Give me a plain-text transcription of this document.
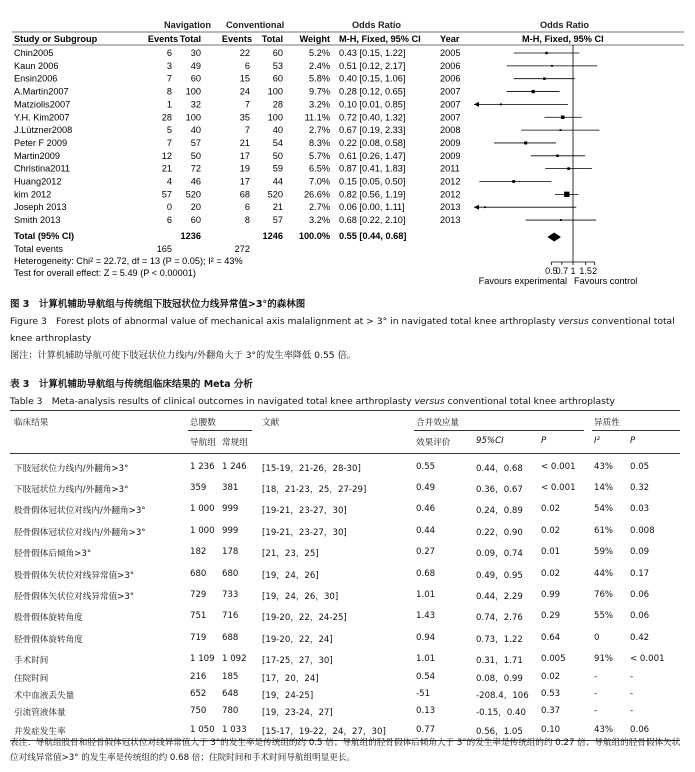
Navigation Conventional	Odds Ratio	Odds Ratio
Study or Subgroup	Events Total Events Total Weight M-H, Fixed, 95% CI Year	M-H, Fixed, 95% CI
Total (95% CI)	1236	1246 100.0% 0.55 [0.44, 0.68]
Total events	165	272
Heterogeneity: Chi² = 22.72, df = 13 (P = 0.05); I² = 43%
Test for overall effect: Z = 5.49 (P < 0.00001)
Favours experimental Favours control
Chin2005	6 30	22 60	5.2% 0.43 [0.15, 1.22]	2005
Kaun 2006	3 49	6 53	2.4% 0.51 [0.12, 2.17]	2006
Ensin2006	7 60	15 60	5.8% 0.40 [0.15, 1.06]	2006
A.Martin2007	8 100	24 100	9.7% 0.28 [0.12, 0.65]	2007
Matziolis2007	1 32	7 28	3.2% 0.10 [0.01, 0.85]	2007
Y.H. Kim2007	28 100	35 100 11.1% 0.72 [0.40, 1.32]	2007
J.Lützner2008	5 40	7 40	2.7% 0.67 [0.19, 2.33]	2008
Peter F 2009	7 57	21 54	8.3% 0.22 [0.08, 0.58]	2009
Martin2009	12 50	17 50	5.7% 0.61 [0.26, 1.47]	2009
Christina2011	21 72	19 59	6.5% 0.87 [0.41, 1.83]	2011
Huang2012	4 46	17 44	7.0% 0.15 [0.05, 0.50]	2012
kim 2012	57 520	68 520 26.6% 0.82 [0.56, 1.19]	2012
Joseph 2013	0 20	6 21	2.7% 0.06 [0.00, 1.11]	2013
Smith 2013	6 60	8 57	3.2% 0.68 [0.22, 2.10]	2013
0.5
0.7 1 1.5 2
图 3　计算机辅助导航组与传统组下肢冠状位力线异常值>3°的森林图
Figure 3　Forest plots of abnormal value of mechanical axis malalignment at > 3° in navigated total knee arthroplasty versus conventional total knee arthroplasty
图注：计算机辅助导航可使下肢冠状位力线内/外翻角大于 3°的发生率降低 0.55 倍。
表 3　计算机辅助导航组与传统组临床结果的 Meta 分析
Table 3　Meta-analysis results of clinical outcomes in navigated total knee arthroplasty versus conventional total knee arthroplasty
临床结果	总腰数	文献	合并效应量	异质性
导航组 常规组	效果评价	95%CI	P	I²	P
下肢冠状位力线内/外翻角>3°	1 236 1 246 [15-19，21-26，28-30]	0.55	0.44，0.68 < 0.001 43% 0.05
下肢冠状位力线内/外翻角>3°	359 381	[18，21-23，25，27-29]	0.49	0.36，0.67 < 0.001 14% 0.32
股骨假体冠状位对线内/外翻角>3°	1 000 999	[19-21，23-27，30]	0.46	0.24，0.89 0.02	54% 0.03
胫骨假体冠状位对线内/外翻角>3°	1 000 999	[19-21，23-27，30]	0.44	0.22，0.90 0.02	61% 0.008
胫骨假体后倾角>3°	182 178	[21，23，25]	0.27	0.09，0.74 0.01	59% 0.09
股骨假体矢状位对线异常值>3°	680 680	[19，24，26]	0.68	0.49，0.95 0.02	44% 0.17
胫骨假体矢状位对线异常值>3°	729 733	[19，24，26，30]	1.01	0.44，2.29 0.99	76% 0.06
股骨假体旋转角度	751 716	[19-20，22，24-25]	1.43	0.74，2.76 0.29	55% 0.06
胫骨假体旋转角度	719 688	[19-20，22，24]	0.94	0.73，1.22 0.64	0	0.42
手术时间	1 109 1 092 [17-25，27，30]	1.01	0.31，1.71 0.005	91% < 0.001
住院时间	216 185	[17，20，24]	0.54	0.08，0.99 0.02	-	-
术中血液丢失量	652 648	[19，24-25]	-51	-208.4，106 0.53	-	-
引流管液体量	750 780	[19，23-24，27]	0.13	-0.15，0.40 0.37	-	-
并发症发生率	1 050 1 033 [15-17，19-22，24，27，30]	0.77	0.56，1.05 0.10	43% 0.06
表注：导航组股骨和胫骨假体冠状位对线异常值大于 3°的发生率是传统组的约 0.5 倍；导航组的胫骨假体后倾角大于 3°的发生率是传统组的约 0.27 倍；导航组的胫骨假体矢状位对线异常值>3° 的发生率是传统组的约 0.68 倍；住院时间和手术时间导航组明显更长。
